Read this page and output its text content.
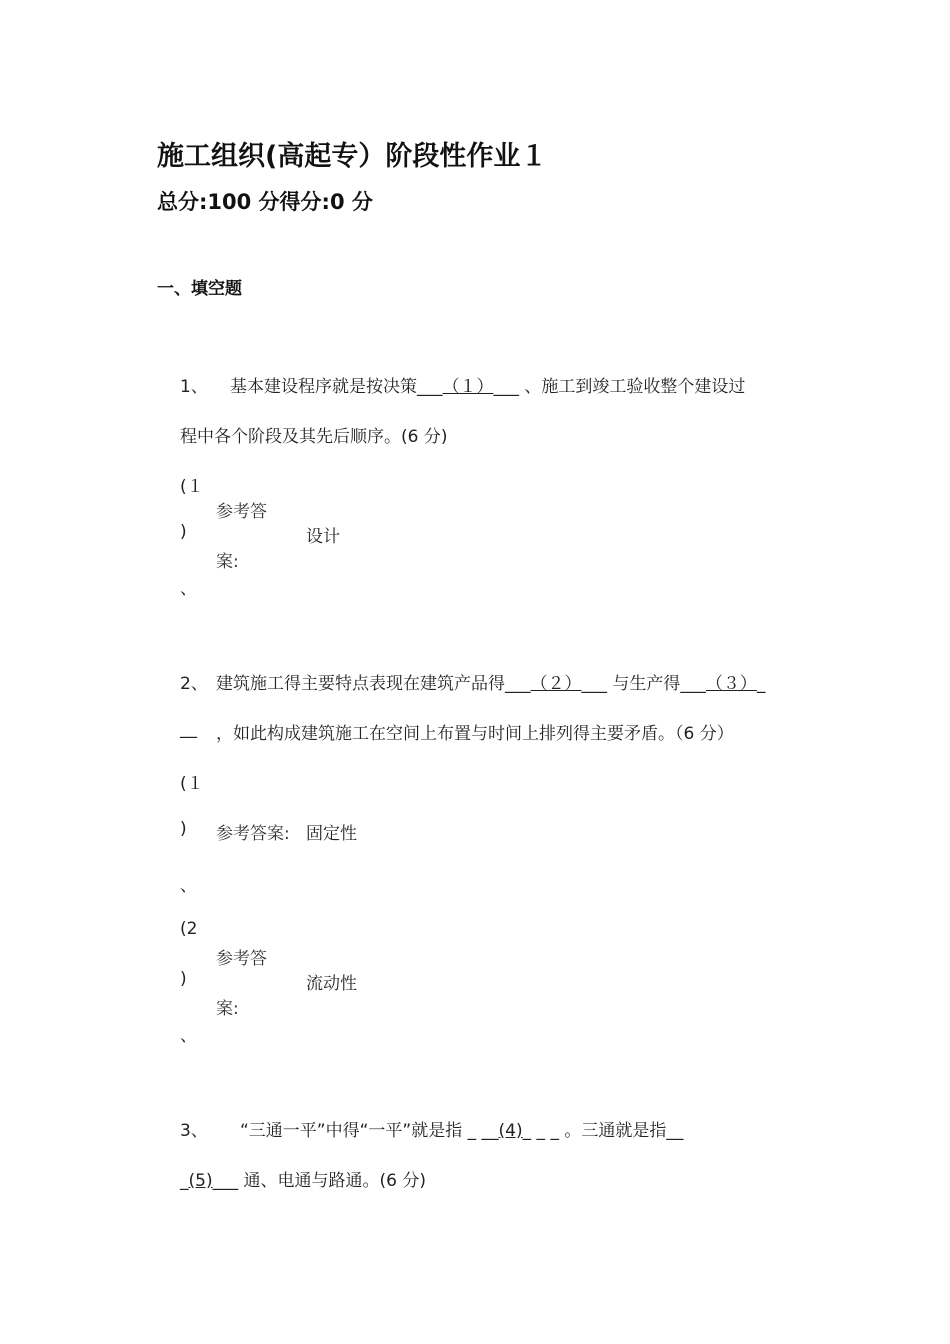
施工组织(高起专）阶段性作业１
总分:100 分得分:0 分
一、填空题
1、 基本建设程序就是按决策___（１）___ 、施工到竣工验收整个建设过
程中各个阶段及其先后顺序。(6 分)
(１
)
、
参考答
案:
设计
2、 建筑施工得主要特点表现在建筑产品得___（２）___ 与生产得___（３）_
__ ，如此构成建筑施工在空间上布置与时间上排列得主要矛盾。（6 分）
(１
)
、
参考答案: 固定性
(2
)
、
参考答
案:
流动性
3、 “三通一平”中得“一平”就是指 _ __(4)_ _ _ 。三通就是指__
_(5)___ 通、电通与路通。(6 分)
